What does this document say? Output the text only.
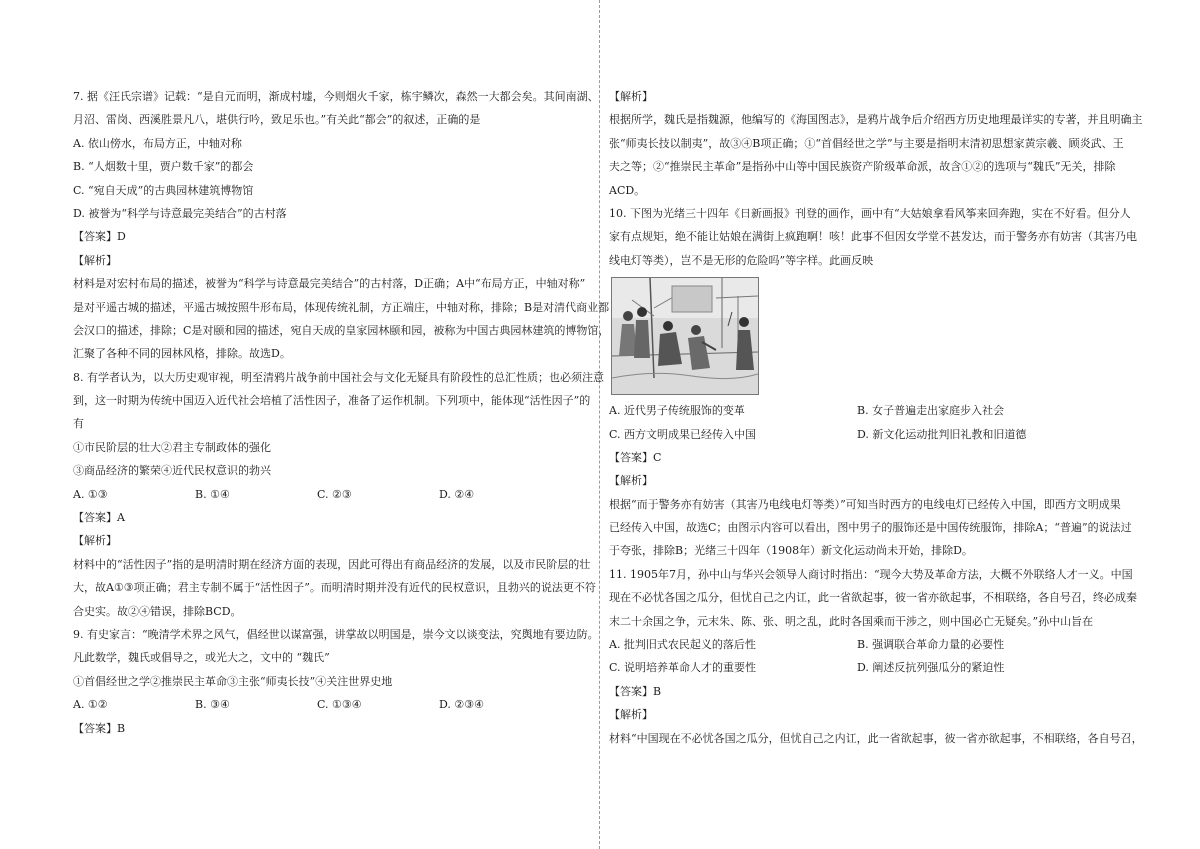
7. 据《汪氏宗谱》记载：“是自元而明，渐成村墟，今则烟火千家，栋宇鳞次，森然一大都会矣。其间南湖、
月沼、雷岗、西溪胜景凡八，堪供行吟，致足乐也。”有关此“都会”的叙述，正确的是
A. 依山傍水，布局方正，中轴对称
B. “人烟数十里，贾户数千家”的都会
C. “宛自天成”的古典园林建筑博物馆
D. 被誉为“科学与诗意最完美结合”的古村落
【答案】D
【解析】
材料是对宏村布局的描述，被誉为“科学与诗意最完美结合”的古村落，D正确；A中“布局方正，中轴对称”
是对平遥古城的描述，平遥古城按照牛形布局，体现传统礼制，方正端庄，中轴对称，排除；B是对清代商业都
会汉口的描述，排除；C是对颐和园的描述，宛自天成的皇家园林颐和园，被称为中国古典园林建筑的博物馆，
汇聚了各种不同的园林风格，排除。故选D。
8. 有学者认为，以大历史观审视，明至清鸦片战争前中国社会与文化无疑具有阶段性的总汇性质；也必须注意
到，这一时期为传统中国迈入近代社会培植了活性因子，准备了运作机制。下列项中，能体现“活性因子”的
有
①市民阶层的壮大②君主专制政体的强化
③商品经济的繁荣④近代民权意识的勃兴
A. ①③	B. ①④	C. ②③	D. ②④
【答案】A
【解析】
材料中的“活性因子”指的是明清时期在经济方面的表现，因此可得出有商品经济的发展，以及市民阶层的壮
大，故A①③项正确；君主专制不属于“活性因子”。而明清时期并没有近代的民权意识，且勃兴的说法更不符
合史实。故②④错误，排除BCD。
9. 有史家言：“晚清学术界之风气，倡经世以谋富强，讲掌故以明国是，崇今文以谈变法，究舆地有要边防。
凡此数学，魏氏或倡导之，或光大之，文中的 “魏氏”
①首倡经世之学②推崇民主革命③主张“师夷长技”④关注世界史地
A. ①②	B. ③④	C. ①③④	D. ②③④
【答案】B
【解析】
根据所学，魏氏是指魏源，他编写的《海国图志》，是鸦片战争后介绍西方历史地理最详实的专著，并且明确主
张“师夷长技以制夷”，故③④B项正确；①“首倡经世之学”与主要是指明末清初思想家黄宗羲、顾炎武、王
夫之等；②“推崇民主革命”是指孙中山等中国民族资产阶级革命派，故含①②的选项与“魏氏”无关，排除
ACD。
10. 下图为光绪三十四年《日新画报》刊登的画作，画中有“大姑娘拿看风筝来回奔跑，实在不好看。但分人
家有点规矩，绝不能让姑娘在满街上疯跑啊！咳！此事不但因女学堂不甚发达，而于警务亦有妨害（其害乃电
线电灯等类），岂不是无形的危险吗”等字样。此画反映
A. 近代男子传统服饰的变革	B. 女子普遍走出家庭步入社会
C. 西方文明成果已经传入中国	D. 新文化运动批判旧礼教和旧道德
【答案】C
【解析】
根据“而于警务亦有妨害（其害乃电线电灯等类）”可知当时西方的电线电灯已经传入中国，即西方文明成果
已经传入中国，故选C；由图示内容可以看出，图中男子的服饰还是中国传统服饰，排除A；“普遍”的说法过
于夸张，排除B；光绪三十四年（1908年）新文化运动尚未开始，排除D。
11. 1905年7月，孙中山与华兴会领导人商讨时指出：“现今大势及革命方法，大概不外联络人才一义。中国
现在不必忧各国之瓜分，但忧自己之内讧，此一省欲起事，彼一省亦欲起事，不相联络，各自号召，终必成秦
末二十余国之争，元末朱、陈、张、明之乱，此时各国乘而干涉之，则中国必亡无疑矣。”孙中山旨在
A. 批判旧式农民起义的落后性	B. 强调联合革命力量的必要性
C. 说明培养革命人才的重要性	D. 阐述反抗列强瓜分的紧迫性
【答案】B
【解析】
材料“中国现在不必忧各国之瓜分，但忧自己之内讧，此一省欲起事，彼一省亦欲起事，不相联络，各自号召，
